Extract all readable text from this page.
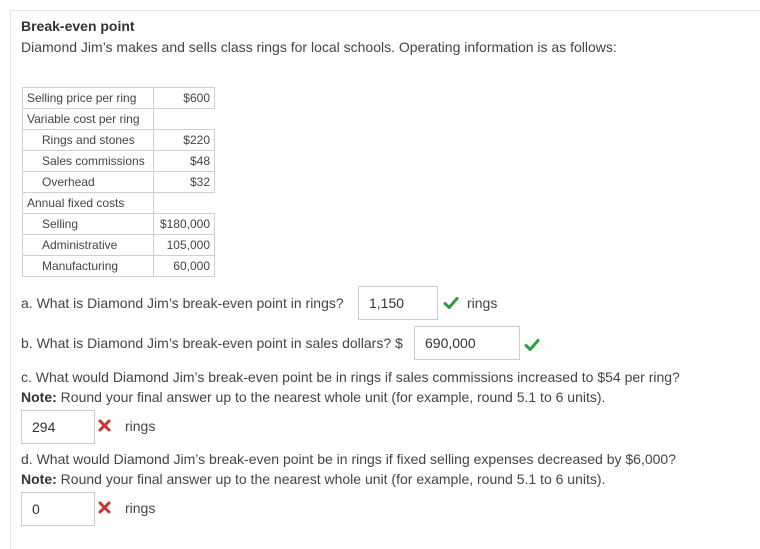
Break-even point
Diamond Jim’s makes and sells class rings for local schools. Operating information is as follows:
Selling price per ring	$600
Variable cost per ring	
Rings and stones	$220
Sales commissions	$48
Overhead	$32
Annual fixed costs	
Selling	$180,000
Administrative	105,000
Manufacturing	60,000
a. What is Diamond Jim’s break-even point in rings?	1,150	rings
b. What is Diamond Jim’s break-even point in sales dollars? $	690,000
c. What would Diamond Jim’s break-even point be in rings if sales commissions increased to $54 per ring?
Note: Round your final answer up to the nearest whole unit (for example, round 5.1 to 6 units).
294	rings
d. What would Diamond Jim’s break-even point be in rings if fixed selling expenses decreased by $6,000?
Note: Round your final answer up to the nearest whole unit (for example, round 5.1 to 6 units).
0	rings
